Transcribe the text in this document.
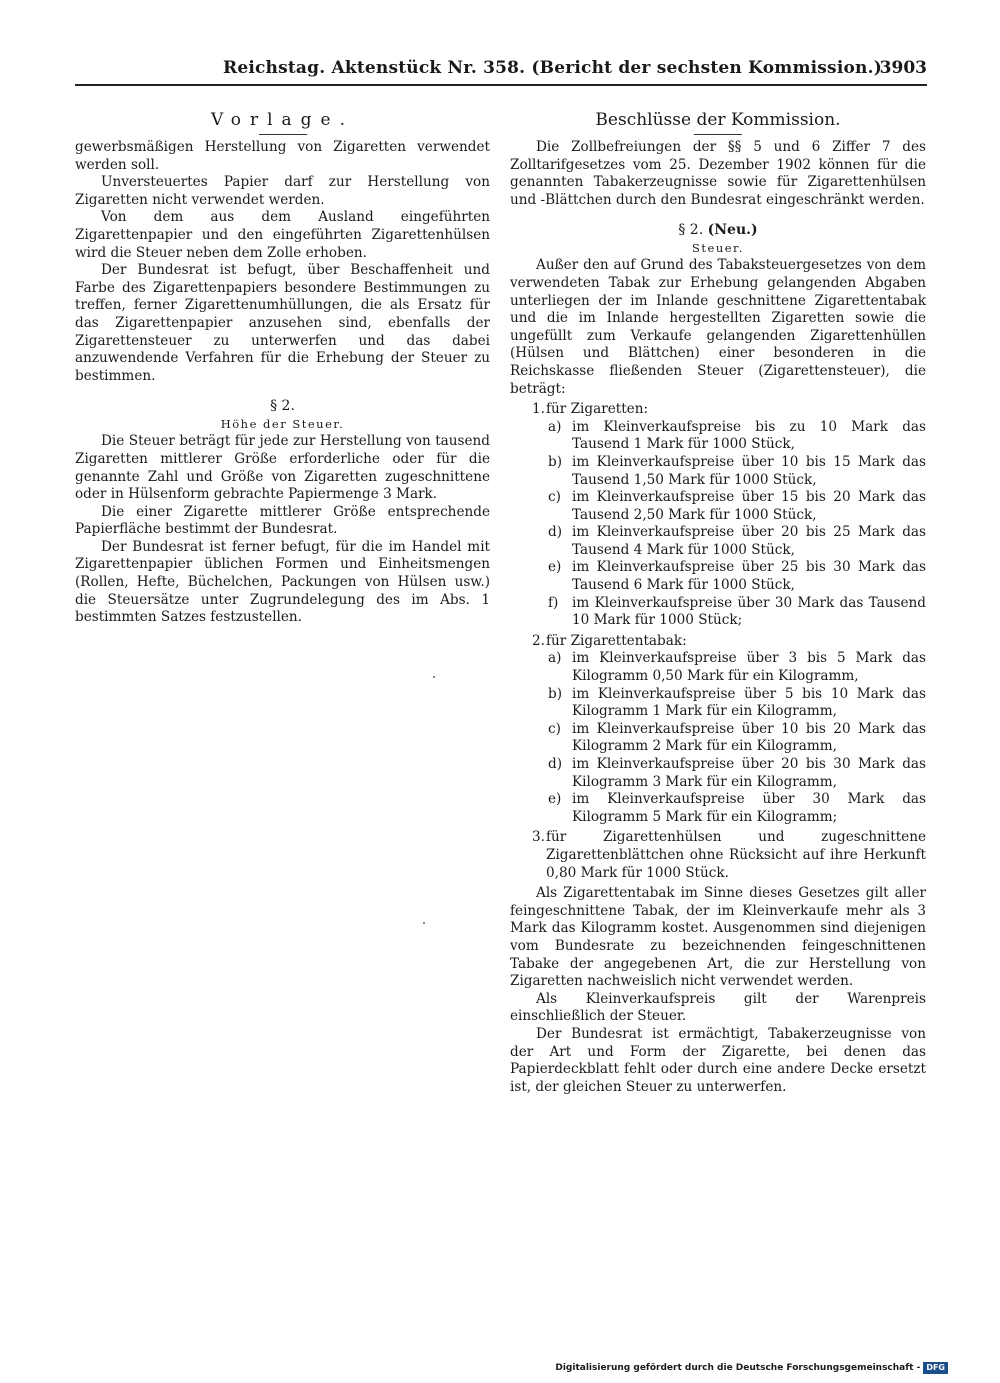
Reichstag. Aktenstück Nr. 358. (Bericht der sechsten Kommission.)
3903
Vorlage.

gewerbsmäßigen Herstellung von Zigaretten verwendet werden soll.

Unversteuertes Papier darf zur Herstellung von Zigaretten nicht verwendet werden.

Von dem aus dem Ausland eingeführten Zigarettenpapier und den eingeführten Zigarettenhülsen wird die Steuer neben dem Zolle erhoben.

Der Bundesrat ist befugt, über Beschaffenheit und Farbe des Zigarettenpapiers besondere Bestimmungen zu treffen, ferner Zigarettenumhüllungen, die als Ersatz für das Zigarettenpapier anzusehen sind, ebenfalls der Zigarettensteuer zu unterwerfen und das dabei anzuwendende Verfahren für die Erhebung der Steuer zu bestimmen.

§ 2.
Höhe der Steuer.

Die Steuer beträgt für jede zur Herstellung von tausend Zigaretten mittlerer Größe erforderliche oder für die genannte Zahl und Größe von Zigaretten zugeschnittene oder in Hülsenform gebrachte Papiermenge 3 Mark.

Die einer Zigarette mittlerer Größe entsprechende Papierfläche bestimmt der Bundesrat.

Der Bundesrat ist ferner befugt, für die im Handel mit Zigarettenpapier üblichen Formen und Einheitsmengen (Rollen, Hefte, Büchelchen, Packungen von Hülsen usw.) die Steuersätze unter Zugrundelegung des im Abs. 1 bestimmten Satzes festzustellen.

Beschlüsse der Kommission.

Die Zollbefreiungen der §§ 5 und 6 Ziffer 7 des Zolltarifgesetzes vom 25. Dezember 1902 können für die genannten Tabakerzeugnisse sowie für Zigarettenhülsen und -Blättchen durch den Bundesrat eingeschränkt werden.

§ 2. (Neu.)
Steuer.

Außer den auf Grund des Tabaksteuergesetzes von dem verwendeten Tabak zur Erhebung gelangenden Abgaben unterliegen der im Inlande geschnittene Zigarettentabak und die im Inlande hergestellten Zigaretten sowie die ungefüllt zum Verkaufe gelangenden Zigarettenhüllen (Hülsen und Blättchen) einer besonderen in die Reichskasse fließenden Steuer (Zigarettensteuer), die beträgt:

1. für Zigaretten:
a) im Kleinverkaufspreise bis zu 10 Mark das Tausend 1 Mark für 1000 Stück,
b) im Kleinverkaufspreise über 10 bis 15 Mark das Tausend 1,50 Mark für 1000 Stück,
c) im Kleinverkaufspreise über 15 bis 20 Mark das Tausend 2,50 Mark für 1000 Stück,
d) im Kleinverkaufspreise über 20 bis 25 Mark das Tausend 4 Mark für 1000 Stück,
e) im Kleinverkaufspreise über 25 bis 30 Mark das Tausend 6 Mark für 1000 Stück,
f) im Kleinverkaufspreise über 30 Mark das Tausend 10 Mark für 1000 Stück;
2. für Zigarettentabak:
a) im Kleinverkaufspreise über 3 bis 5 Mark das Kilogramm 0,50 Mark für ein Kilogramm,
b) im Kleinverkaufspreise über 5 bis 10 Mark das Kilogramm 1 Mark für ein Kilogramm,
c) im Kleinverkaufspreise über 10 bis 20 Mark das Kilogramm 2 Mark für ein Kilogramm,
d) im Kleinverkaufspreise über 20 bis 30 Mark das Kilogramm 3 Mark für ein Kilogramm,
e) im Kleinverkaufspreise über 30 Mark das Kilogramm 5 Mark für ein Kilogramm;
3. für Zigarettenhülsen und zugeschnittene Zigarettenblättchen ohne Rücksicht auf ihre Herkunft 0,80 Mark für 1000 Stück.

Als Zigarettentabak im Sinne dieses Gesetzes gilt aller feingeschnittene Tabak, der im Kleinverkaufe mehr als 3 Mark das Kilogramm kostet. Ausgenommen sind diejenigen vom Bundesrate zu bezeichnenden feingeschnittenen Tabake der angegebenen Art, die zur Herstellung von Zigaretten nachweislich nicht verwendet werden.

Als Kleinverkaufspreis gilt der Warenpreis einschließlich der Steuer.

Der Bundesrat ist ermächtigt, Tabakerzeugnisse von der Art und Form der Zigarette, bei denen das Papierdeckblatt fehlt oder durch eine andere Decke ersetzt ist, der gleichen Steuer zu unterwerfen.

Digitalisierung gefördert durch die Deutsche Forschungsgemeinschaft - DFG
